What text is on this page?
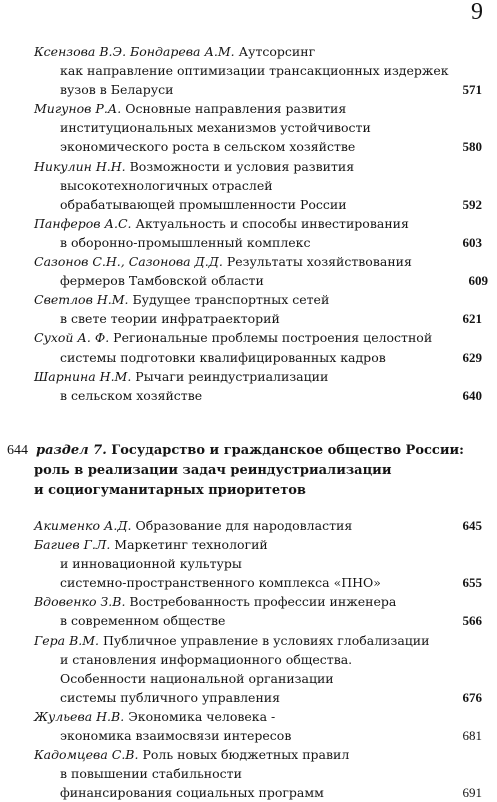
9
Ксензова В.Э. Бондарева А.М. Аутсорсинг
как направление оптимизации трансакционных издержек
вузов в Беларуси	571
Мигунов Р.А. Основные направления развития
институциональных механизмов устойчивости
экономического роста в сельском хозяйстве	580
Никулин Н.Н. Возможности и условия развития
высокотехнологичных отраслей
обрабатывающей промышленности России	592
Панферов А.С. Актуальность и способы инвестирования
в оборонно-промышленный комплекс	603
Сазонов С.Н., Сазонова Д.Д. Результаты хозяйствования
фермеров Тамбовской области	609
Светлов Н.М. Будущее транспортных сетей
в свете теории инфратраекторий	621
Сухой А. Ф. Региональные проблемы построения целостной
системы подготовки квалифицированных кадров	629
Шарнина Н.М. Рычаги реиндустриализации
в сельском хозяйстве	640
644 раздел 7. Государство и гражданское общество России:
роль в реализации задач реиндустриализации
и социогуманитарных приоритетов
Акименко А.Д. Образование для народовластия	645
Багиев Г.Л. Маркетинг технологий
и инновационной культуры
системно-пространственного комплекса «ПНО»	655
Вдовенко З.В. Востребованность профессии инженера
в современном обществе	566
Гера В.М. Публичное управление в условиях глобализации
и становления информационного общества.
Особенности национальной организации
системы публичного управления	676
Жульева Н.В. Экономика человека -
экономика взаимосвязи интересов	681
Кадомцева С.В. Роль новых бюджетных правил
в повышении стабильности
финансирования социальных программ	691
